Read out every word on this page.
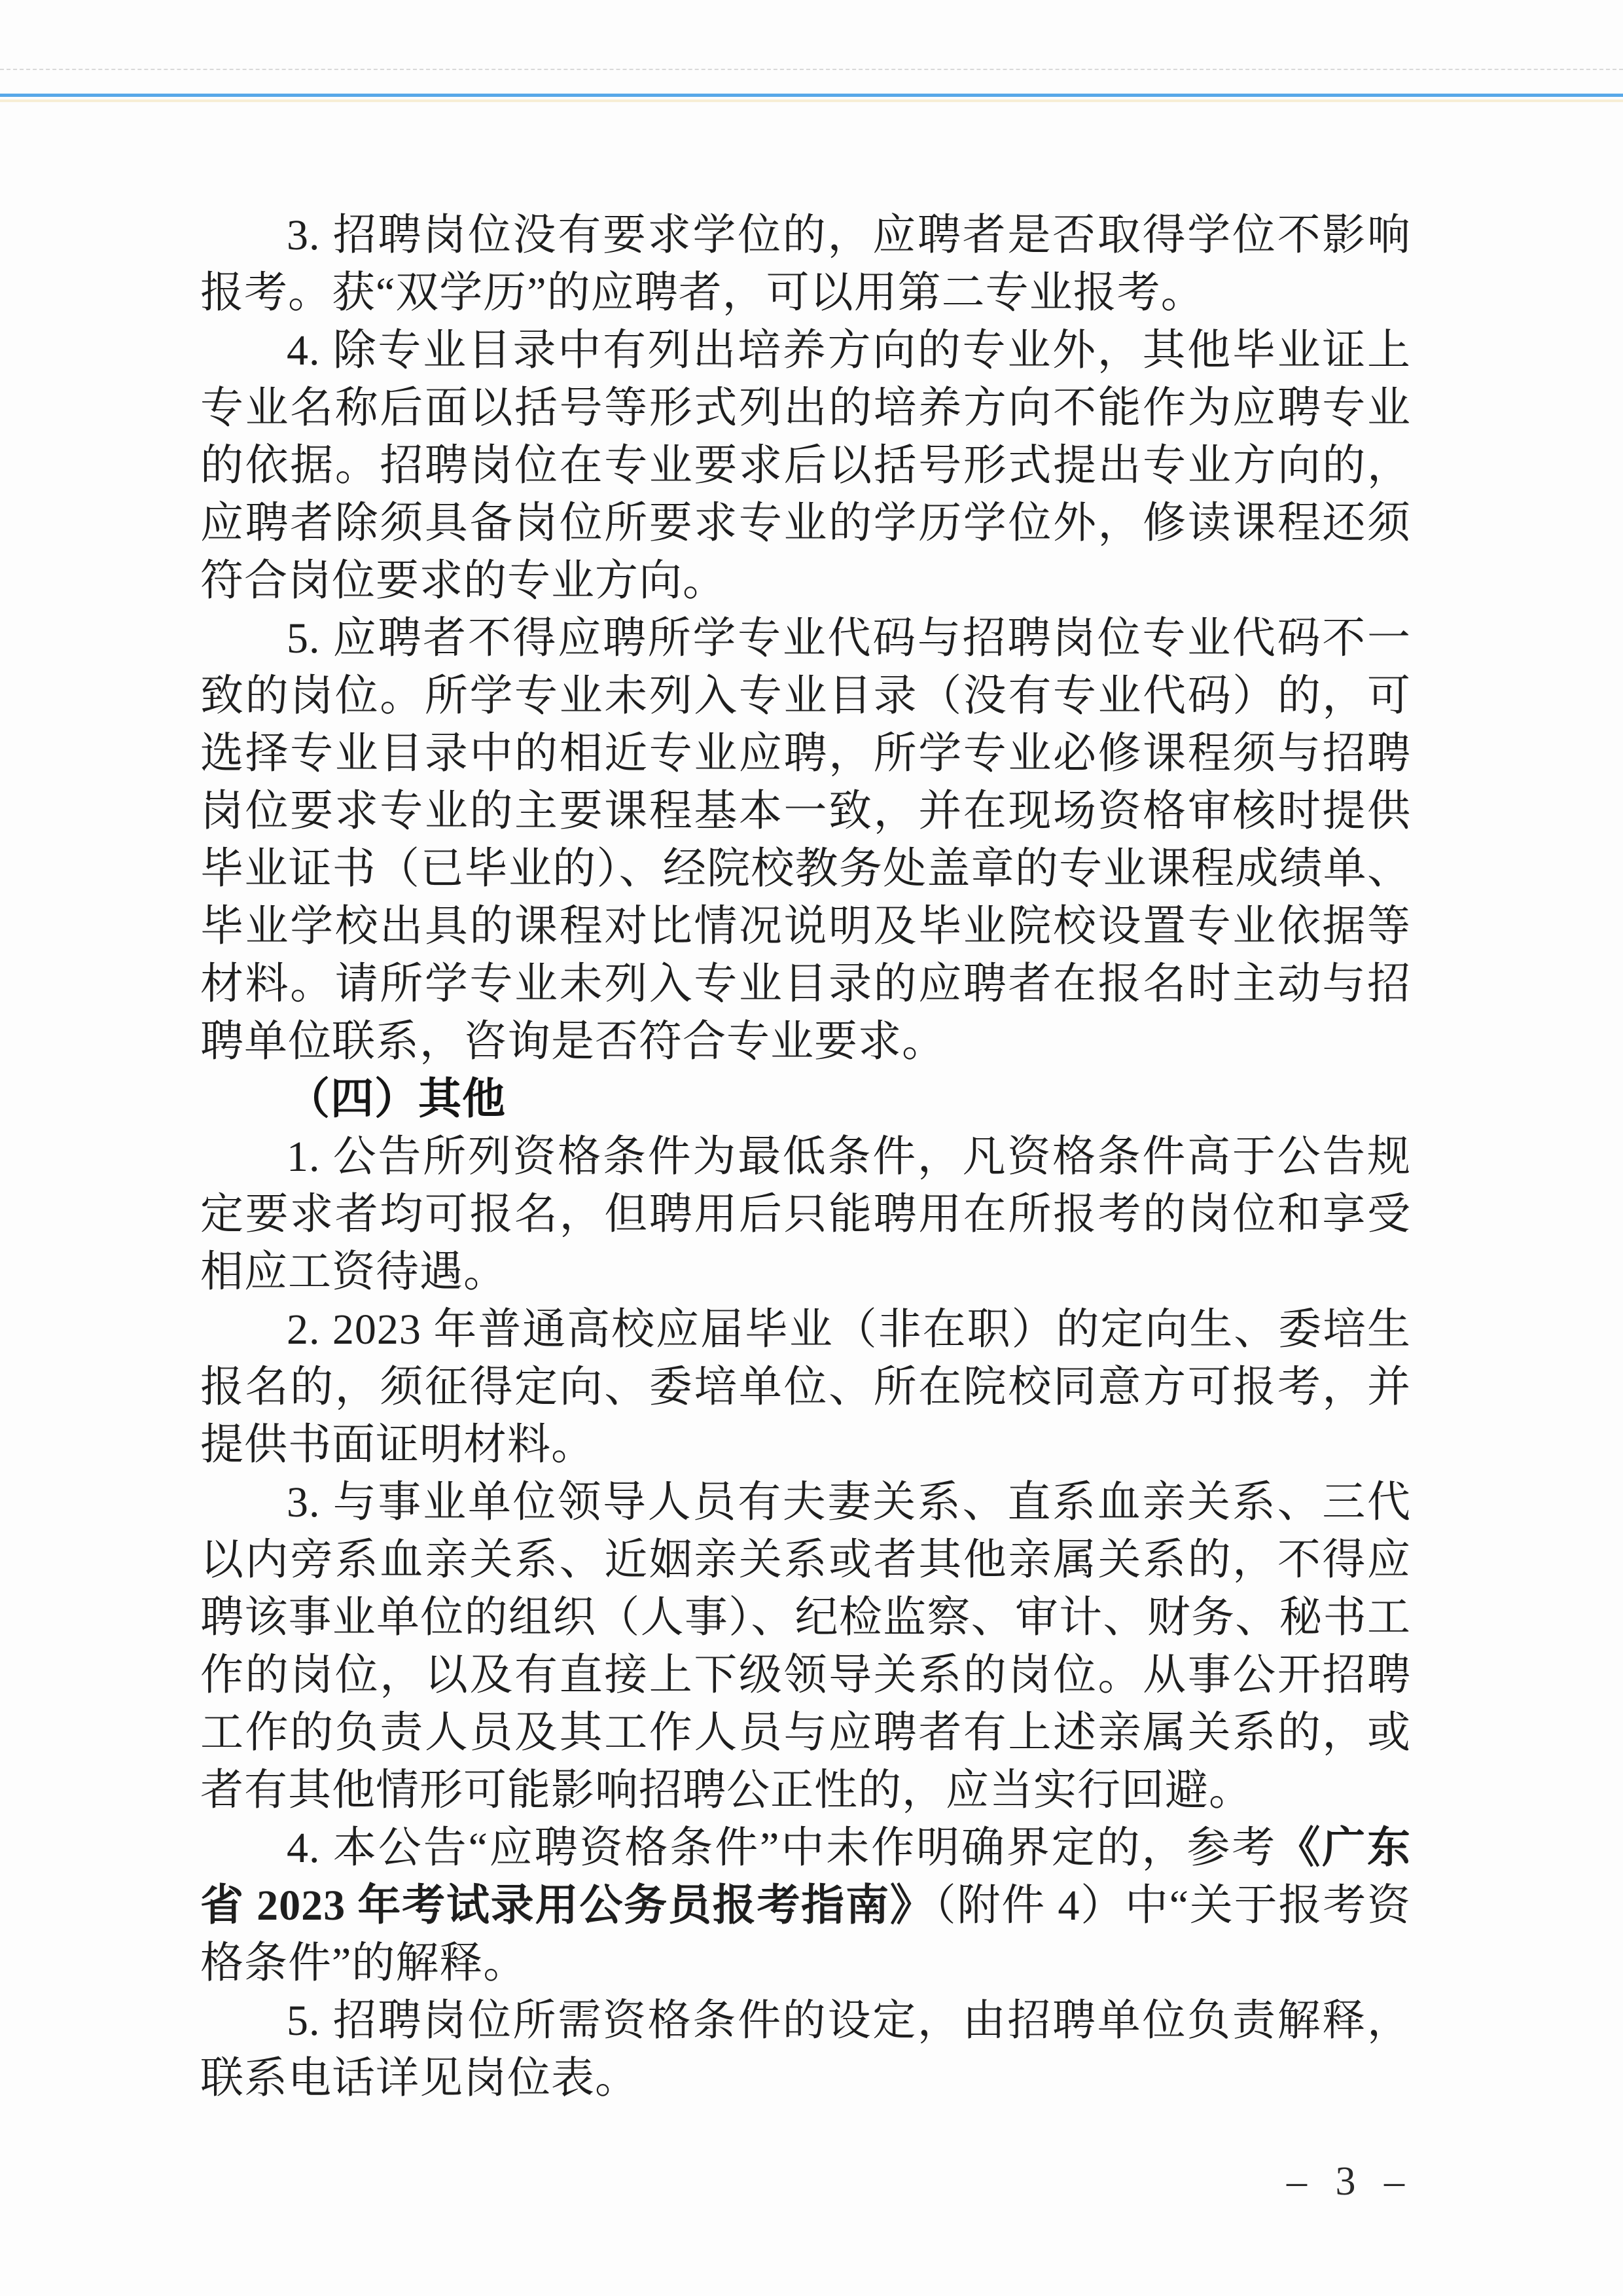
3. 招聘岗位没有要求学位的，应聘者是否取得学位不影响报考。获“双学历”的应聘者，可以用第二专业报考。

4. 除专业目录中有列出培养方向的专业外，其他毕业证上专业名称后面以括号等形式列出的培养方向不能作为应聘专业的依据。招聘岗位在专业要求后以括号形式提出专业方向的，应聘者除须具备岗位所要求专业的学历学位外，修读课程还须符合岗位要求的专业方向。

5. 应聘者不得应聘所学专业代码与招聘岗位专业代码不一致的岗位。所学专业未列入专业目录（没有专业代码）的，可选择专业目录中的相近专业应聘，所学专业必修课程须与招聘岗位要求专业的主要课程基本一致，并在现场资格审核时提供毕业证书（已毕业的）、经院校教务处盖章的专业课程成绩单、毕业学校出具的课程对比情况说明及毕业院校设置专业依据等材料。请所学专业未列入专业目录的应聘者在报名时主动与招聘单位联系，咨询是否符合专业要求。

（四）其他

1. 公告所列资格条件为最低条件，凡资格条件高于公告规定要求者均可报名，但聘用后只能聘用在所报考的岗位和享受相应工资待遇。

2. 2023 年普通高校应届毕业（非在职）的定向生、委培生报名的，须征得定向、委培单位、所在院校同意方可报考，并提供书面证明材料。

3. 与事业单位领导人员有夫妻关系、直系血亲关系、三代以内旁系血亲关系、近姻亲关系或者其他亲属关系的，不得应聘该事业单位的组织（人事）、纪检监察、审计、财务、秘书工作的岗位，以及有直接上下级领导关系的岗位。从事公开招聘工作的负责人员及其工作人员与应聘者有上述亲属关系的，或者有其他情形可能影响招聘公正性的，应当实行回避。

4. 本公告“应聘资格条件”中未作明确界定的，参考《广东省 2023 年考试录用公务员报考指南》（附件 4）中“关于报考资格条件”的解释。

5. 招聘岗位所需资格条件的设定，由招聘单位负责解释，联系电话详见岗位表。

– 3 –
